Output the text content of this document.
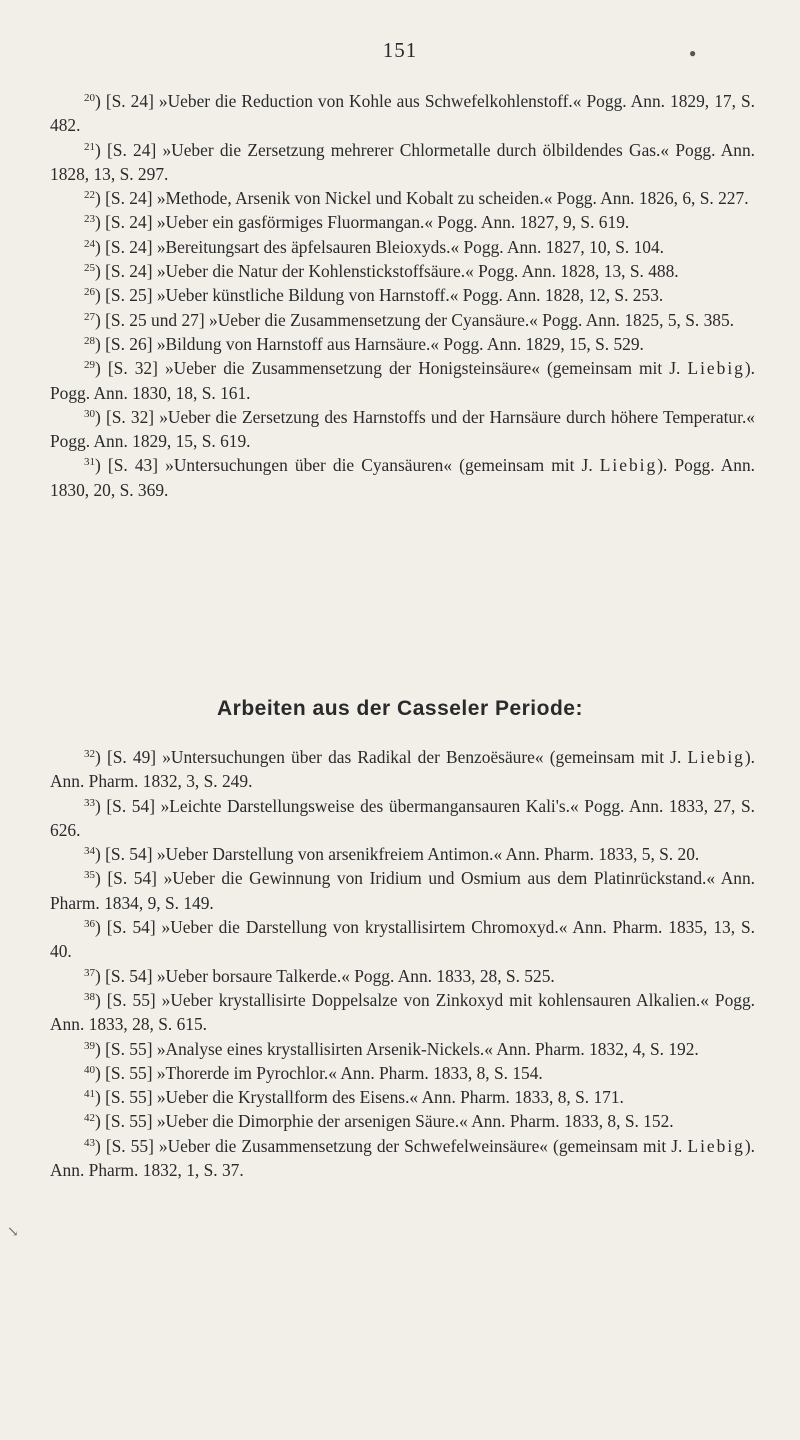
151	●

$^{20}$) [S. 24] »Ueber die Reduction von Kohle aus Schwefelkohlenstoff.« Pogg. Ann. 1829, 17, S. 482.

$^{21}$) [S. 24] »Ueber die Zersetzung mehrerer Chlormetalle durch ölbildendes Gas.« Pogg. Ann. 1828, 13, S. 297.

$^{22}$) [S. 24] »Methode, Arsenik von Nickel und Kobalt zu scheiden.« Pogg. Ann. 1826, 6, S. 227.

$^{23}$) [S. 24] »Ueber ein gasförmiges Fluormangan.« Pogg. Ann. 1827, 9, S. 619.

$^{24}$) [S. 24] »Bereitungsart des äpfelsauren Bleioxyds.« Pogg. Ann. 1827, 10, S. 104.

$^{25}$) [S. 24] »Ueber die Natur der Kohlenstickstoffsäure.« Pogg. Ann. 1828, 13, S. 488.

$^{26}$) [S. 25] »Ueber künstliche Bildung von Harnstoff.« Pogg. Ann. 1828, 12, S. 253.

$^{27}$) [S. 25 und 27] »Ueber die Zusammensetzung der Cyansäure.« Pogg. Ann. 1825, 5, S. 385.

$^{28}$) [S. 26] »Bildung von Harnstoff aus Harnsäure.« Pogg. Ann. 1829, 15, S. 529.

$^{29}$) [S. 32] »Ueber die Zusammensetzung der Honigsteinsäure« (gemeinsam mit J. Liebig). Pogg. Ann. 1830, 18, S. 161.

$^{30}$) [S. 32] »Ueber die Zersetzung des Harnstoffs und der Harnsäure durch höhere Temperatur.« Pogg. Ann. 1829, 15, S. 619.

$^{31}$) [S. 43] »Untersuchungen über die Cyansäuren« (gemeinsam mit J. Liebig). Pogg. Ann. 1830, 20, S. 369.

Arbeiten aus der Casseler Periode:

$^{32}$) [S. 49] »Untersuchungen über das Radikal der Benzoësäure« (gemeinsam mit J. Liebig). Ann. Pharm. 1832, 3, S. 249.

$^{33}$) [S. 54] »Leichte Darstellungsweise des übermangansauren Kali's.« Pogg. Ann. 1833, 27, S. 626.

$^{34}$) [S. 54] »Ueber Darstellung von arsenikfreiem Antimon.« Ann. Pharm. 1833, 5, S. 20.

$^{35}$) [S. 54] »Ueber die Gewinnung von Iridium und Osmium aus dem Platinrückstand.« Ann. Pharm. 1834, 9, S. 149.

$^{36}$) [S. 54] »Ueber die Darstellung von krystallisirtem Chromoxyd.« Ann. Pharm. 1835, 13, S. 40.

$^{37}$) [S. 54] »Ueber borsaure Talkerde.« Pogg. Ann. 1833, 28, S. 525.

$^{38}$) [S. 55] »Ueber krystallisirte Doppelsalze von Zinkoxyd mit kohlensauren Alkalien.« Pogg. Ann. 1833, 28, S. 615.

$^{39}$) [S. 55] »Analyse eines krystallisirten Arsenik-Nickels.« Ann. Pharm. 1832, 4, S. 192.

$^{40}$) [S. 55] »Thorerde im Pyrochlor.« Ann. Pharm. 1833, 8, S. 154.

$^{41}$) [S. 55] »Ueber die Krystallform des Eisens.« Ann. Pharm. 1833, 8, S. 171.

$^{42}$) [S. 55] »Ueber die Dimorphie der arsenigen Säure.« Ann. Pharm. 1833, 8, S. 152.

$^{43}$) [S. 55] »Ueber die Zusammensetzung der Schwefelweinsäure« (gemeinsam mit J. Liebig). Ann. Pharm. 1832, 1, S. 37.

↘
